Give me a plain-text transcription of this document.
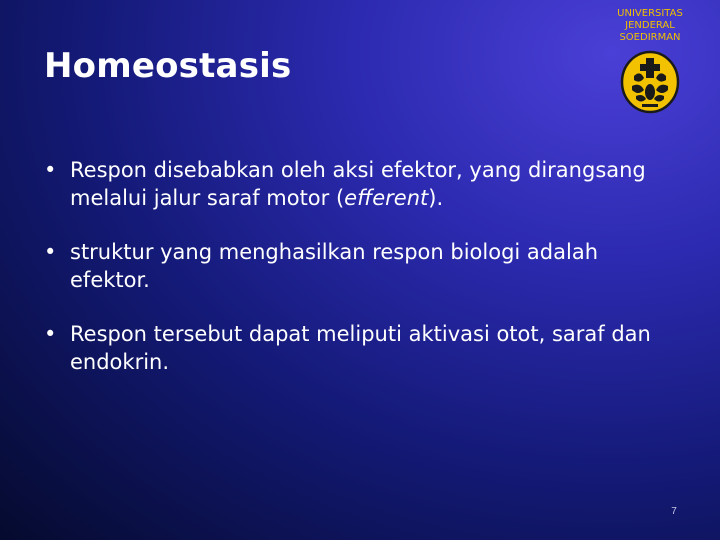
Homeostasis
UNIVERSITAS
JENDERAL
SOEDIRMAN
• Respon disebabkan oleh aksi efektor, yang dirangsang melalui jalur saraf motor (efferent).
• struktur yang menghasilkan respon biologi adalah efektor.
• Respon tersebut dapat meliputi aktivasi otot, saraf dan endokrin.
7
